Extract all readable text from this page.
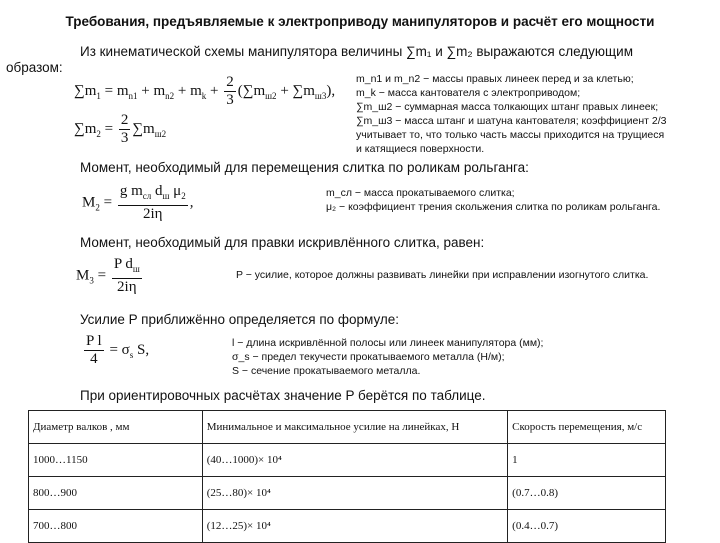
Требования, предъявляемые к электроприводу манипуляторов и расчёт его мощности
Из кинематической схемы манипулятора величины ∑m₁ и ∑m₂ выражаются следующим
образом:
$\sum m_1 = m_{n1} + m_{n2} + m_k + \frac{2}{3} (\sum m_{ш2} + \sum m_{ш3})$,
$\sum m_2 = \frac{2}{3} \sum m_{ш2}$
m_n1 и m_n2 − массы правых линеек перед и за клетью;
m_k − масса кантователя с электроприводом;
∑m_ш2 − суммарная масса толкающих штанг правых линеек;
∑m_ш3 − масса штанг и шатуна кантователя; коэффициент 2/3
учитывает то, что только часть массы приходится на трущиеся
и катящиеся поверхности.
Момент, необходимый для перемещения слитка по роликам рольганга:
$M_2 = \frac{g m_{сл} d_ш \mu_2}{2i\eta}$ ,
m_сл − масса прокатываемого слитка;
μ₂ − коэффициент трения скольжения слитка по роликам рольганга.
Момент, необходимый для правки искривлённого слитка, равен:
$M_3 = \frac{P d_ш}{2i\eta}$	P − усилие, которое должны развивать линейки при исправлении изогнутого слитка.
Усилие P приближённо определяется по формуле:
$\frac{\text{P l}}{4} = \sigma_s$ S,	l − длина искривлённой полосы или линеек манипулятора (мм);
σ_s − предел текучести прокатываемого металла (Н/м);
S − сечение прокатываемого металла.
При ориентировочных расчётах значение P берётся по таблице.
Диаметр валков , мм	Минимальное и максимальное усилие на линейках, Н	Скорость перемещения, м/с
1000…1150	(40…1000)× 10⁴	1
800…900	(25…80)× 10⁴	(0.7…0.8)
700…800	(12…25)× 10⁴	(0.4…0.7)
